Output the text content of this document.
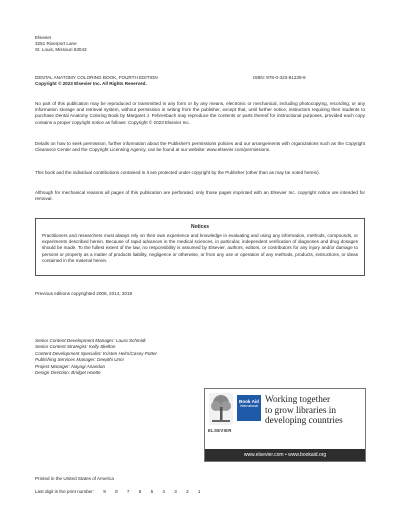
Elsevier
3251 Riverport Lane
St. Louis, Missouri 63043
DENTAL ANATOMY COLORING BOOK, FOURTH EDITION	ISBN: 978-0-323-81239-9
Copyright © 2023 Elsevier Inc. All Rights Reserved.
No part of this publication may be reproduced or transmitted in any form or by any means, electronic or mechanical, including photocopying, recording, or any information storage and retrieval system, without permission in writing from the publisher, except that, until further notice, instructors requiring their students to purchase Dental Anatomy Coloring Book by Margaret J. Fehrenbach may reproduce the contents or parts thereof for instructional purposes, provided each copy contains a proper copyright notice as follows: Copyright © 2023 Elsevier Inc.
Details on how to seek permission, further information about the Publisher's permissions policies and our arrangements with organizations such as the Copyright Clearance Center and the Copyright Licensing Agency, can be found at our website: www.elsevier.com/permissions.
This book and the individual contributions contained in it are protected under copyright by the Publisher (other than as may be noted herein).
Although for mechanical reasons all pages of this publication are perforated, only those pages imprinted with an Elsevier Inc. copyright notice are intended for removal.
Notices
Practitioners and researchers must always rely on their own experience and knowledge in evaluating and using any information, methods, compounds, or experiments described herein. Because of rapid advances in the medical sciences, in particular, independent verification of diagnoses and drug dosages should be made. To the fullest extent of the law, no responsibility is assumed by Elsevier, authors, editors, or contributors for any injury and/or damage to persons or property as a matter of products liability, negligence or otherwise, or from any use or operation of any methods, products, instructions, or ideas contained in the material herein.
Previous editions copyrighted 2008, 2014, 2019
Senior Content Development Manager: Laura Schmidt
Senior Content Strategist: Kelly Skelton
Content Development Specialist: Kristen Helm/Casey Potter
Publishing Services Manager: Deepthi Unni
Project Manager: Nayagi Anandan
Design Direction: Bridget Hoette
ELSEVIER
Book Aid
International
Working together
to grow libraries in
developing countries
www.elsevier.com • www.bookaid.org
Printed in the United States of America
Last digit is the print number: 9 8 7 6 5 4 3 2 1
